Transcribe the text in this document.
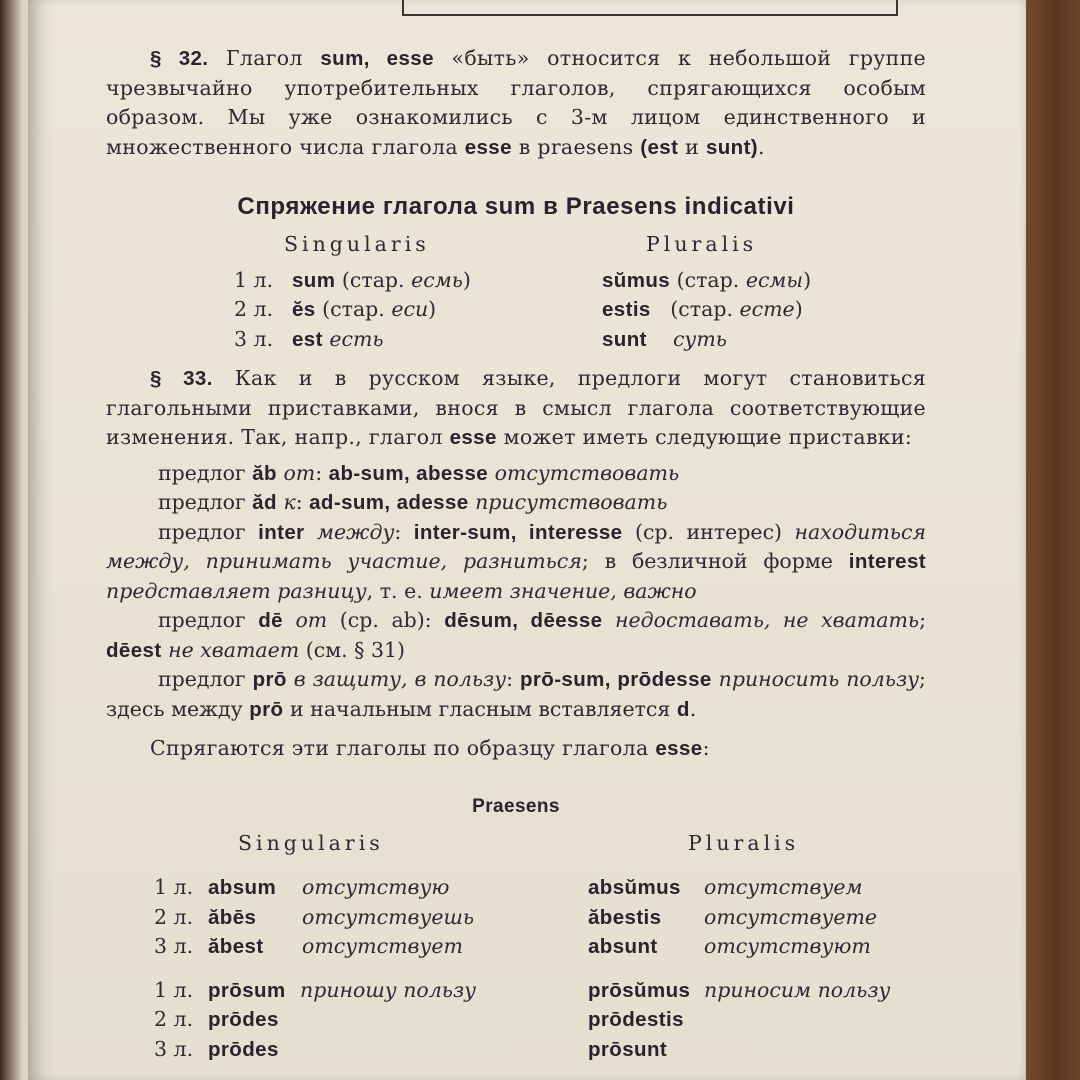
§ 32. Глагол sum, esse «быть» относится к небольшой группе чрезвычайно употребительных глаголов, спрягающихся особым образом. Мы уже ознакомились с 3-м лицом единственного и множественного числа глагола esse в praesens (est и sunt).

Спряжение глагола sum в Praesens indicativi
Singularis	Pluralis
1 л. sum (стар. есмь)	sŭmus (стар. есмы)
2 л. ĕs (стар. еси)	estis (стар. есте)
3 л. est есть	sunt суть

§ 33. Как и в русском языке, предлоги могут становиться глагольными приставками, внося в смысл глагола соответствующие изменения. Так, напр., глагол esse может иметь следующие приставки:

предлог ăb от: ab-sum, abesse отсутствовать

предлог ăd к: ad-sum, adesse присутствовать

предлог inter между: inter-sum, interesse (ср. интерес) находиться между, принимать участие, разниться; в безличной форме interest представляет разницу, т. е. имеет значение, важно

предлог dē от (ср. ab): dēsum, dēesse недоставать, не хватать; dēest не хватает (см. § 31)

предлог prō в защиту, в пользу: prō-sum, prōdesse приносить пользу; здесь между prō и начальным гласным вставляется d.

Спрягаются эти глаголы по образцу глагола esse:

Praesens
Singularis	Pluralis
1 л. absum отсутствую	absŭmus отсутствуем
2 л. ăbēs отсутствуешь	ăbestis отсутствуете
3 л. ăbest отсутствует	absunt отсутствуют
1 л. prōsum приношу пользу	prōsŭmus приносим пользу
2 л. prōdes	prōdestis
3 л. prōdes	prōsunt
